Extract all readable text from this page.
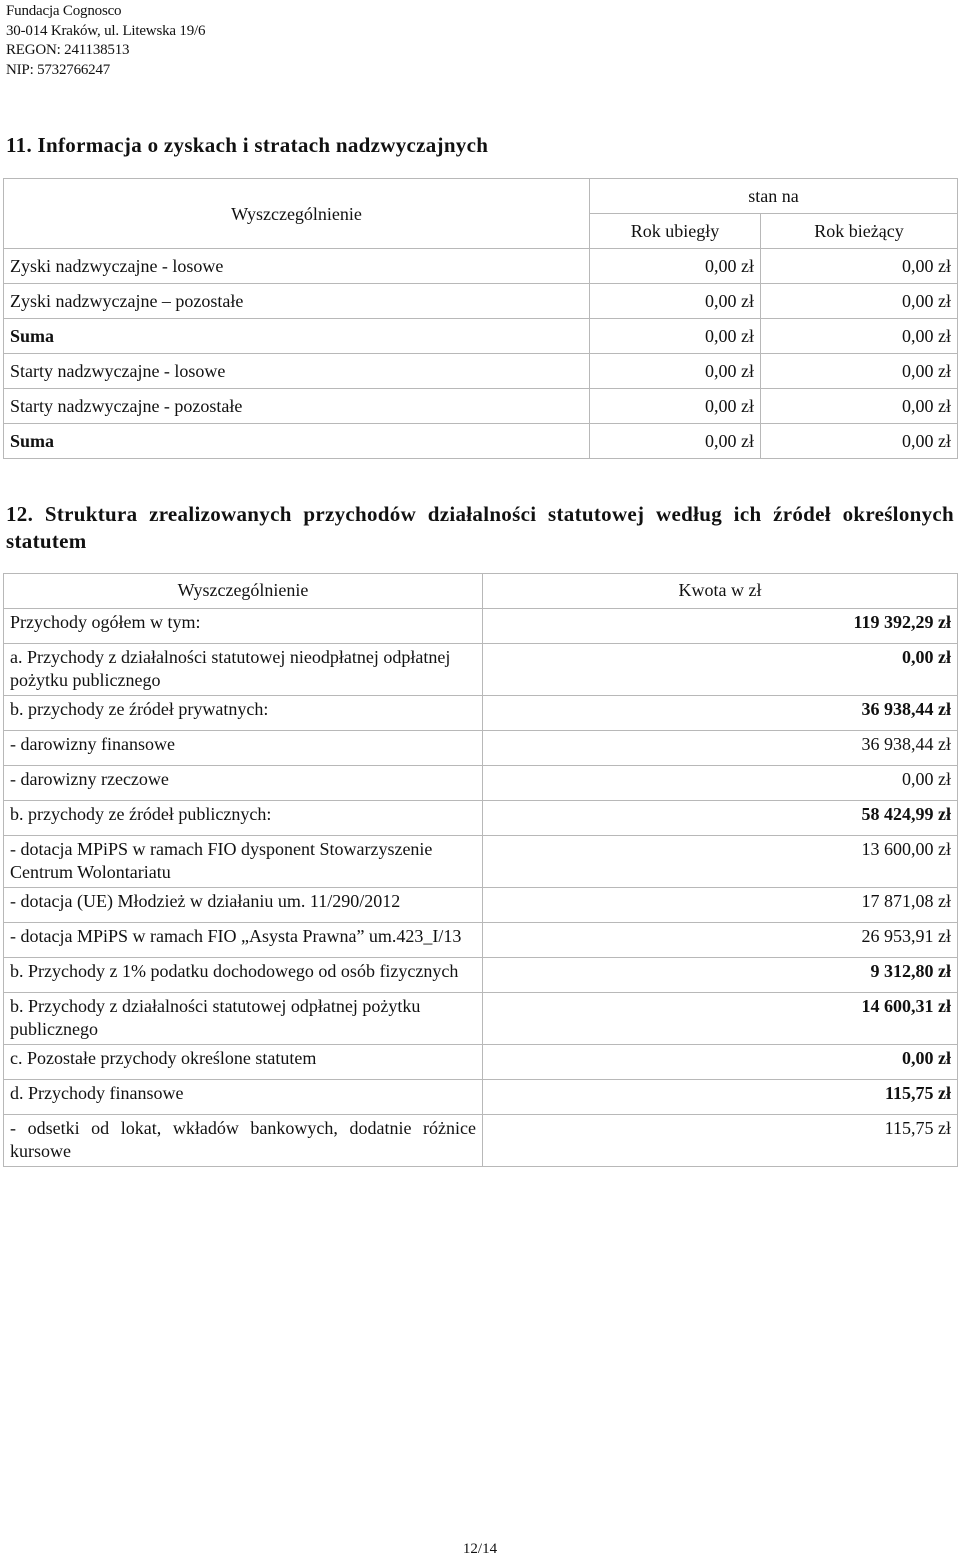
Fundacja Cognosco
30-014 Kraków, ul. Litewska 19/6
REGON: 241138513
NIP: 5732766247
11. Informacja o zyskach i stratach nadzwyczajnych
Wyszczególnienie	stan na	
	Rok ubiegły	Rok bieżący
Zyski nadzwyczajne - losowe	0,00 zł	0,00 zł
Zyski nadzwyczajne – pozostałe	0,00 zł	0,00 zł
Suma	0,00 zł	0,00 zł
Starty nadzwyczajne - losowe	0,00 zł	0,00 zł
Starty nadzwyczajne - pozostałe	0,00 zł	0,00 zł
Suma	0,00 zł	0,00 zł
12. Struktura zrealizowanych przychodów działalności statutowej według ich źródeł określonych statutem
Wyszczególnienie	Kwota w zł
Przychody ogółem w tym:	119 392,29 zł
a. Przychody z działalności statutowej nieodpłatnej odpłatnej pożytku publicznego	0,00 zł
b. przychody ze źródeł prywatnych:	36 938,44 zł
- darowizny finansowe	36 938,44 zł
- darowizny rzeczowe	0,00 zł
b. przychody ze źródeł publicznych:	58 424,99 zł
- dotacja MPiPS w ramach FIO dysponent Stowarzyszenie Centrum Wolontariatu	13 600,00 zł
- dotacja (UE) Młodzież w działaniu um. 11/290/2012	17 871,08 zł
- dotacja MPiPS w ramach FIO „Asysta Prawna” um.423_I/13	26 953,91 zł
b. Przychody z 1% podatku dochodowego od osób fizycznych	9 312,80 zł
b. Przychody z działalności statutowej odpłatnej pożytku publicznego	14 600,31 zł
c. Pozostałe przychody określone statutem	0,00 zł
d. Przychody finansowe	115,75 zł
- odsetki od lokat, wkładów bankowych, dodatnie różnice kursowe	115,75 zł
12/14
